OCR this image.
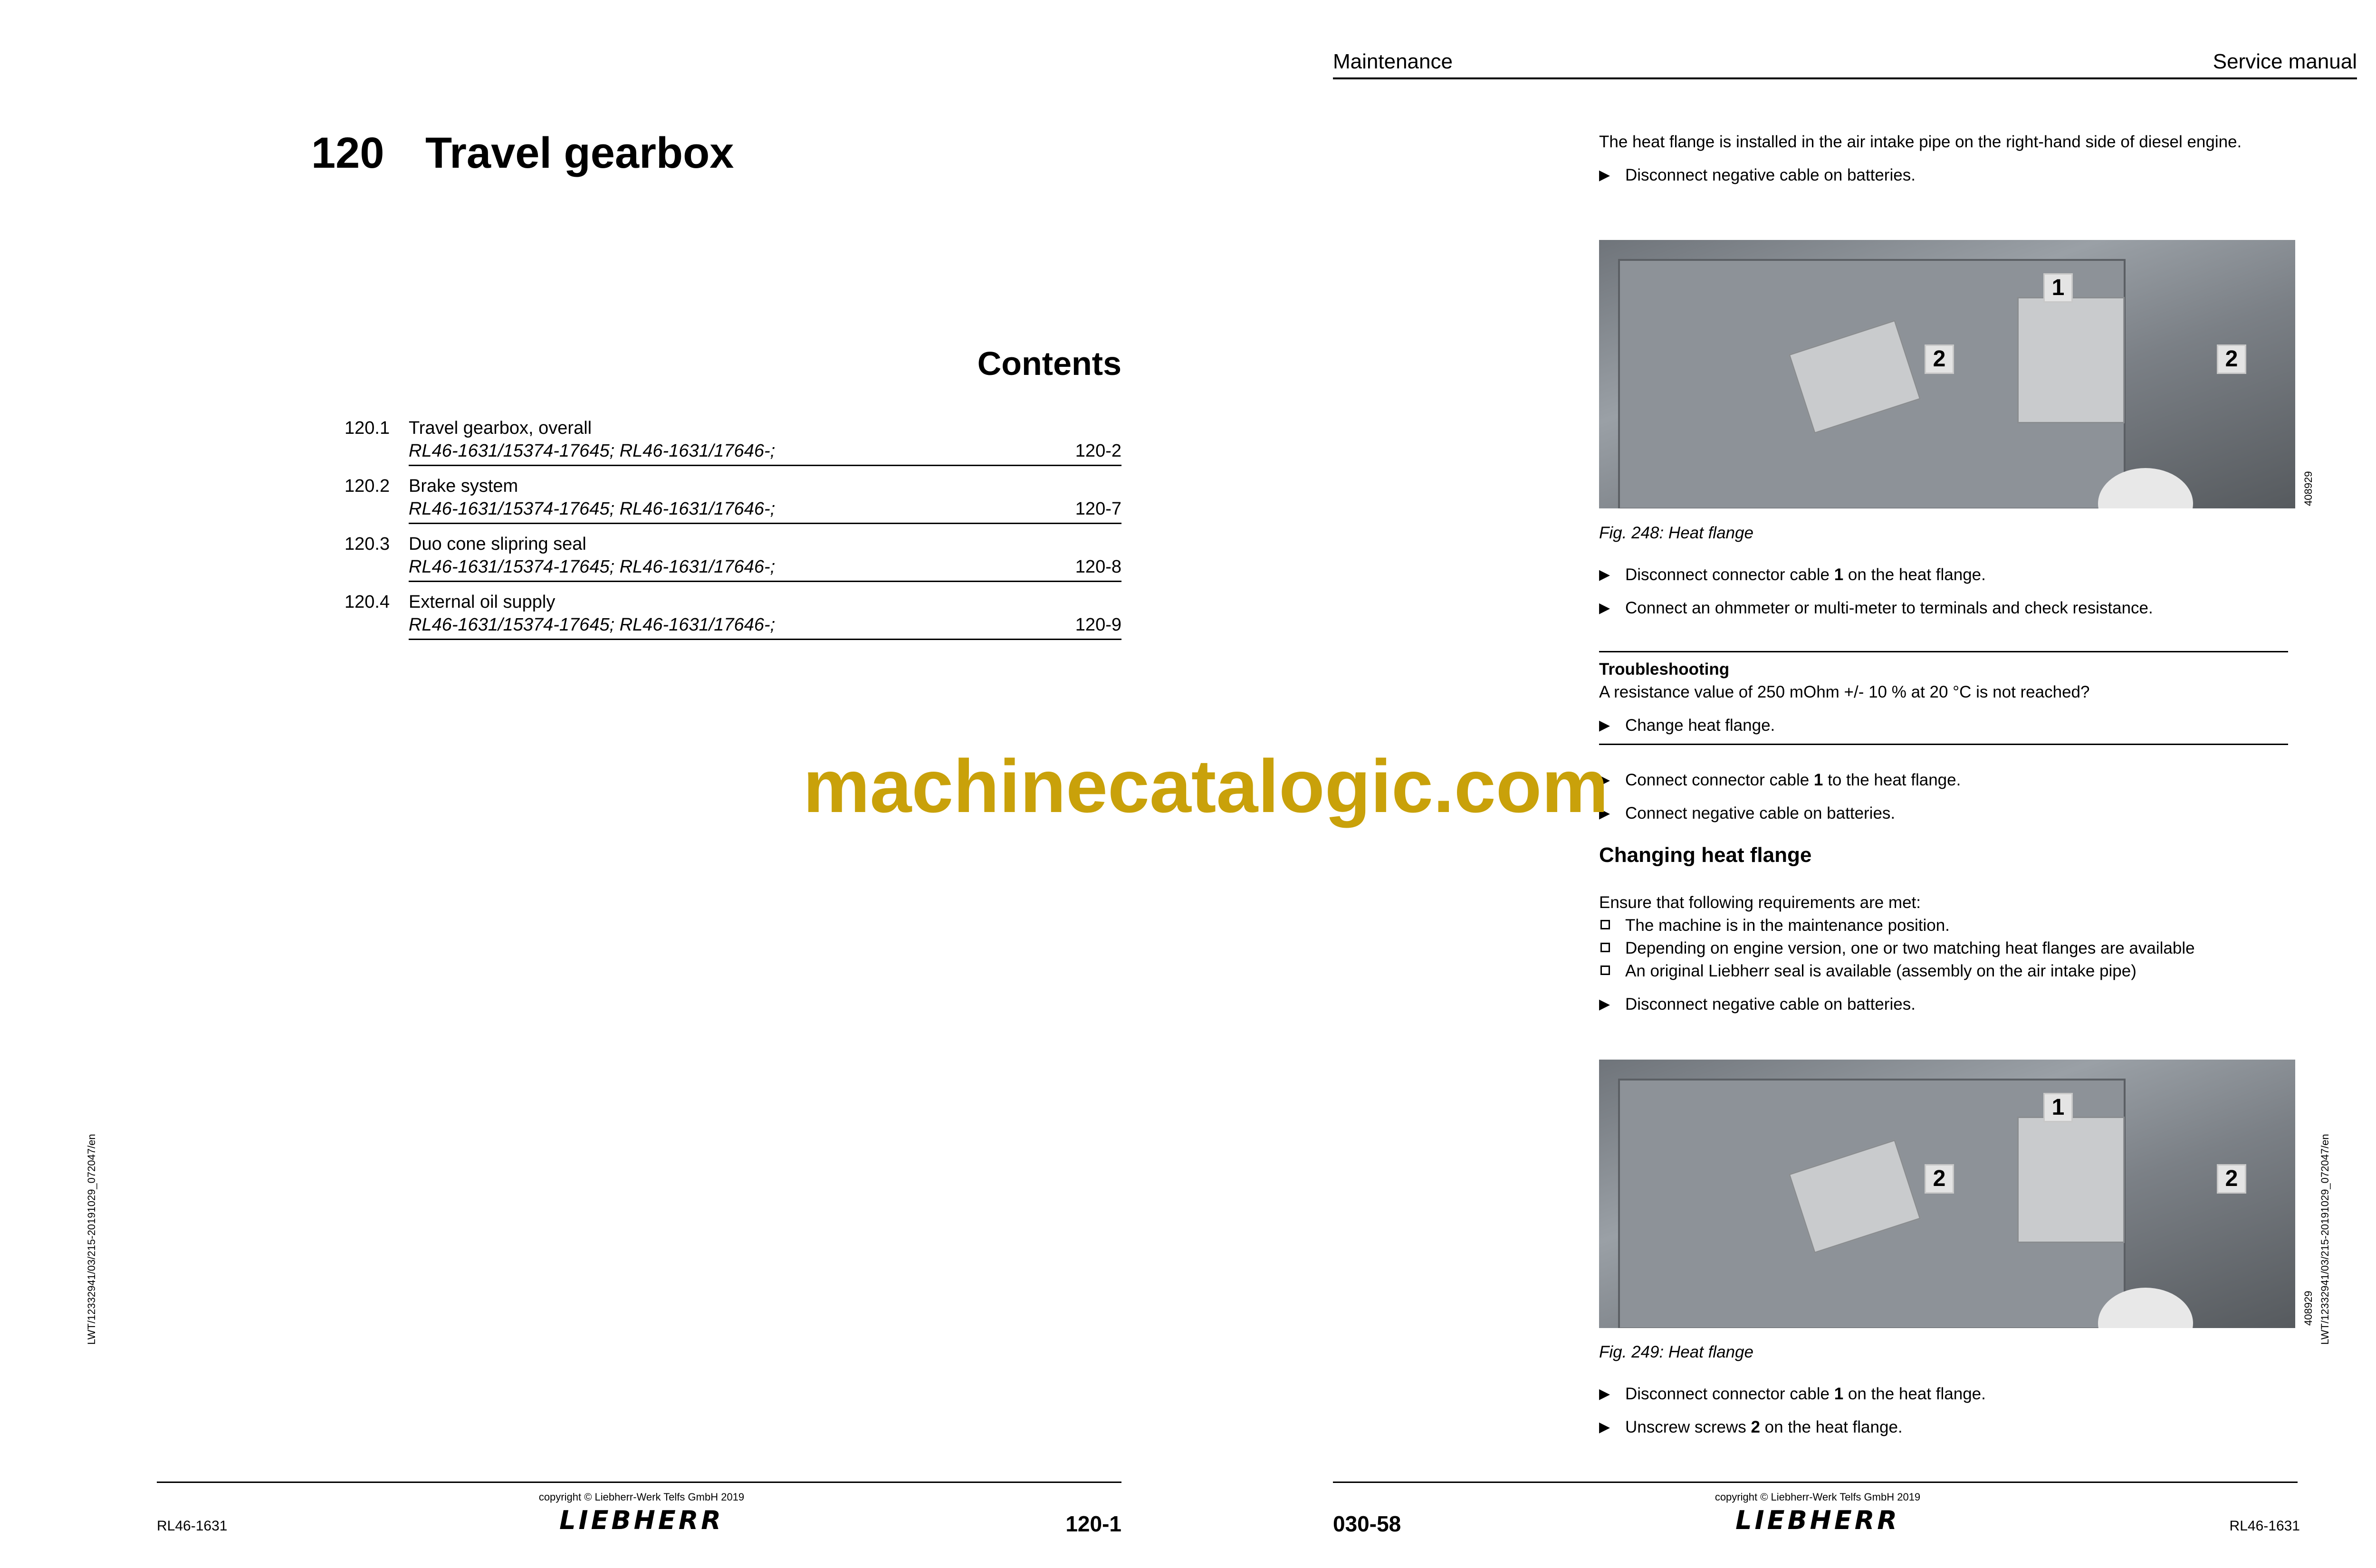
120 Travel gearbox
Contents
120.1 Travel gearbox, overall
RL46-1631/15374-17645; RL46-1631/17646-;	120-2
120.2 Brake system
RL46-1631/15374-17645; RL46-1631/17646-;	120-7
120.3 Duo cone slipring seal
RL46-1631/15374-17645; RL46-1631/17646-;	120-8
120.4 External oil supply
RL46-1631/15374-17645; RL46-1631/17646-;	120-9
LWT/12332941/03/215-20191029_072047/en
copyright © Liebherr-Werk Telfs GmbH 2019
LIEBHERR
RL46-1631	120-1
Maintenance	Service manual
The heat flange is installed in the air intake pipe on the right-hand side of diesel engine.
▶ Disconnect negative cable on batteries.
1
2	2
408929
Fig. 248: Heat flange
▶ Disconnect connector cable 1 on the heat flange.
▶ Connect an ohmmeter or multi-meter to terminals and check resistance.
Troubleshooting
A resistance value of 250 mOhm +/- 10 % at 20 °C is not reached?
▶ Change heat flange.
▶ Connect connector cable 1 to the heat flange.
▶ Connect negative cable on batteries.
Changing heat flange
Ensure that following requirements are met:
The machine is in the maintenance position.
Depending on engine version, one or two matching heat flanges are available
An original Liebherr seal is available (assembly on the air intake pipe)
▶ Disconnect negative cable on batteries.
1
2	2
408929 LWT/12332941/03/215-20191029_072047/en
Fig. 249: Heat flange
▶ Disconnect connector cable 1 on the heat flange.
▶ Unscrew screws 2 on the heat flange.
copyright © Liebherr-Werk Telfs GmbH 2019
LIEBHERR
030-58	RL46-1631
machinecatalogic.com
